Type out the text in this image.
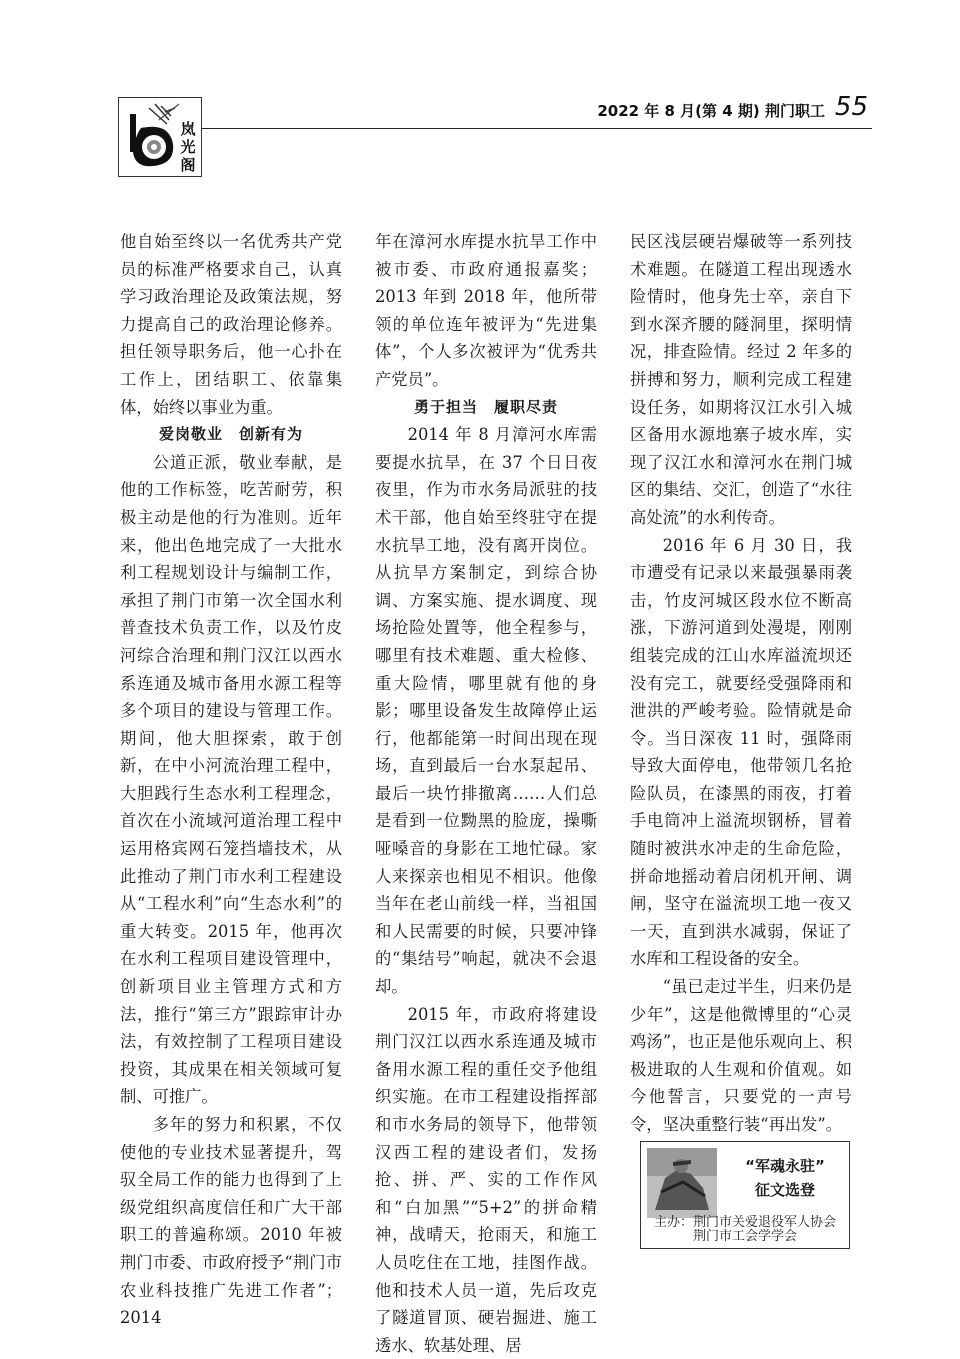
岚光阁
2022 年 8 月(第 4 期) 荆门职工 55

他自始至终以一名优秀共产党员的标准严格要求自己，认真学习政治理论及政策法规，努力提高自己的政治理论修养。担任领导职务后，他一心扑在工作上，团结职工、依靠集体，始终以事业为重。

爱岗敬业　创新有为

公道正派，敬业奉献，是他的工作标签，吃苦耐劳，积极主动是他的行为准则。近年来，他出色地完成了一大批水利工程规划设计与编制工作，承担了荆门市第一次全国水利普查技术负责工作，以及竹皮河综合治理和荆门汉江以西水系连通及城市备用水源工程等多个项目的建设与管理工作。期间，他大胆探索，敢于创新，在中小河流治理工程中，大胆践行生态水利工程理念，首次在小流域河道治理工程中运用格宾网石笼挡墙技术，从此推动了荆门市水利工程建设从“工程水利”向“生态水利”的重大转变。2015 年，他再次在水利工程项目建设管理中，创新项目业主管理方式和方法，推行“第三方”跟踪审计办法，有效控制了工程项目建设投资，其成果在相关领域可复制、可推广。

多年的努力和积累，不仅使他的专业技术显著提升，驾驭全局工作的能力也得到了上级党组织高度信任和广大干部职工的普遍称颂。2010 年被荆门市委、市政府授予“荆门市农业科技推广先进工作者”；2014

年在漳河水库提水抗旱工作中被市委、市政府通报嘉奖；2013 年到 2018 年，他所带领的单位连年被评为“先进集体”，个人多次被评为“优秀共产党员”。

勇于担当　履职尽责

2014 年 8 月漳河水库需要提水抗旱，在 37 个日日夜夜里，作为市水务局派驻的技术干部，他自始至终驻守在提水抗旱工地，没有离开岗位。从抗旱方案制定，到综合协调、方案实施、提水调度、现场抢险处置等，他全程参与，哪里有技术难题、重大检修、重大险情，哪里就有他的身影；哪里设备发生故障停止运行，他都能第一时间出现在现场，直到最后一台水泵起吊、最后一块竹排撤离……人们总是看到一位黝黑的脸庞，操嘶哑嗓音的身影在工地忙碌。家人来探亲也相见不相识。他像当年在老山前线一样，当祖国和人民需要的时候，只要冲锋的“集结号”响起，就决不会退却。

2015 年，市政府将建设荆门汉江以西水系连通及城市备用水源工程的重任交予他组织实施。在市工程建设指挥部和市水务局的领导下，他带领汉西工程的建设者们，发扬抢、拼、严、实的工作作风和“白加黑”“5+2”的拼命精神，战晴天，抢雨天，和施工人员吃住在工地，挂图作战。他和技术人员一道，先后攻克了隧道冒顶、硬岩掘进、施工透水、软基处理、居

民区浅层硬岩爆破等一系列技术难题。在隧道工程出现透水险情时，他身先士卒，亲自下到水深齐腰的隧洞里，探明情况，排查险情。经过 2 年多的拼搏和努力，顺利完成工程建设任务，如期将汉江水引入城区备用水源地寨子坡水库，实现了汉江水和漳河水在荆门城区的集结、交汇，创造了“水往高处流”的水利传奇。

2016 年 6 月 30 日，我市遭受有记录以来最强暴雨袭击，竹皮河城区段水位不断高涨，下游河道到处漫堤，刚刚组装完成的江山水库溢流坝还没有完工，就要经受强降雨和泄洪的严峻考验。险情就是命令。当日深夜 11 时，强降雨导致大面停电，他带领几名抢险队员，在漆黑的雨夜，打着手电筒冲上溢流坝钢桥，冒着随时被洪水冲走的生命危险，拼命地摇动着启闭机开闸、调闸，坚守在溢流坝工地一夜又一天，直到洪水减弱，保证了水库和工程设备的安全。

“虽已走过半生，归来仍是少年”，这是他微博里的“心灵鸡汤”，也正是他乐观向上、积极进取的人生观和价值观。如今他誓言，只要党的一声号令，坚决重整行装“再出发”。

“军魂永驻”
征文选登
主办：荆门市关爱退役军人协会
荆门市工会学学会
